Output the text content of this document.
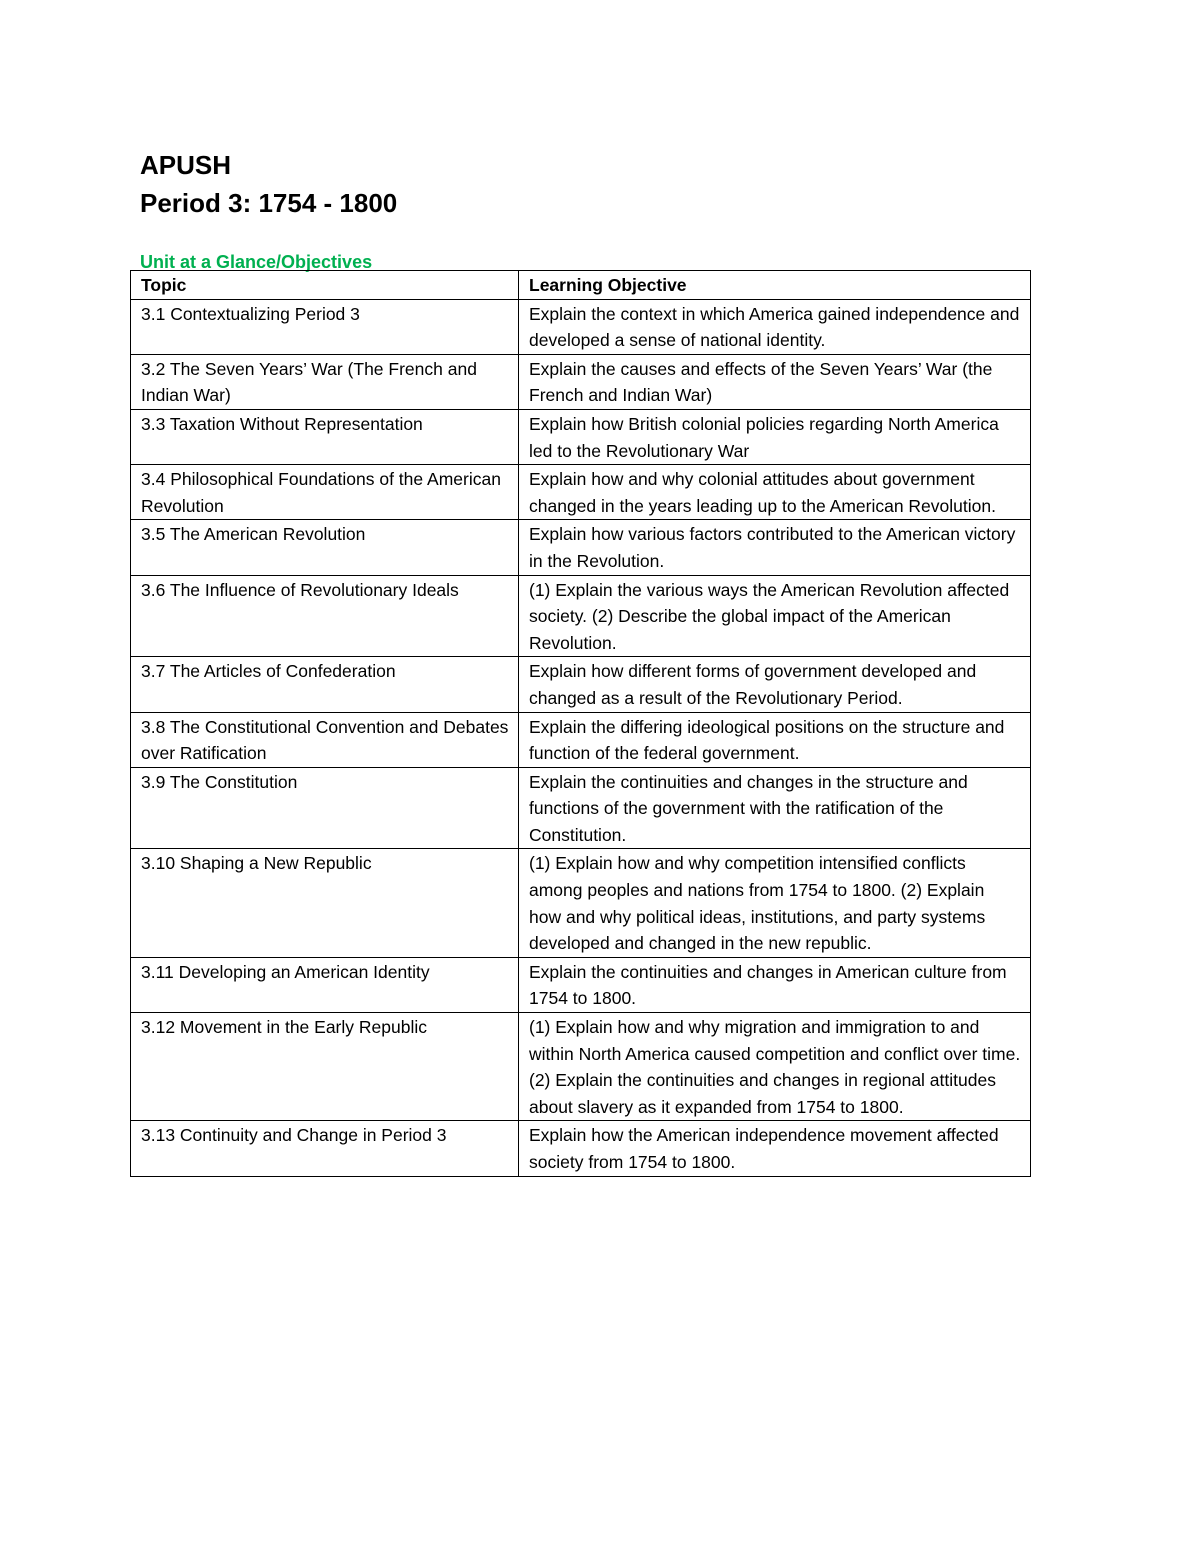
APUSH
Period 3: 1754 - 1800
Unit at a Glance/Objectives
Topic	Learning Objective
3.1 Contextualizing Period 3	Explain the context in which America gained independence and developed a sense of national identity.
3.2 The Seven Years’ War (The French and Indian War)	Explain the causes and effects of the Seven Years’ War (the French and Indian War)
3.3 Taxation Without Representation	Explain how British colonial policies regarding North America led to the Revolutionary War
3.4 Philosophical Foundations of the American Revolution	Explain how and why colonial attitudes about government changed in the years leading up to the American Revolution.
3.5 The American Revolution	Explain how various factors contributed to the American victory in the Revolution.
3.6 The Influence of Revolutionary Ideals	(1) Explain the various ways the American Revolution affected society. (2) Describe the global impact of the American Revolution.
3.7 The Articles of Confederation	Explain how different forms of government developed and changed as a result of the Revolutionary Period.
3.8 The Constitutional Convention and Debates over Ratification	Explain the differing ideological positions on the structure and function of the federal government.
3.9 The Constitution	Explain the continuities and changes in the structure and functions of the government with the ratification of the Constitution.
3.10 Shaping a New Republic	(1) Explain how and why competition intensified conflicts among peoples and nations from 1754 to 1800. (2) Explain how and why political ideas, institutions, and party systems developed and changed in the new republic.
3.11 Developing an American Identity	Explain the continuities and changes in American culture from 1754 to 1800.
3.12 Movement in the Early Republic	(1) Explain how and why migration and immigration to and within North America caused competition and conflict over time. (2) Explain the continuities and changes in regional attitudes about slavery as it expanded from 1754 to 1800.
3.13 Continuity and Change in Period 3	Explain how the American independence movement affected society from 1754 to 1800.
